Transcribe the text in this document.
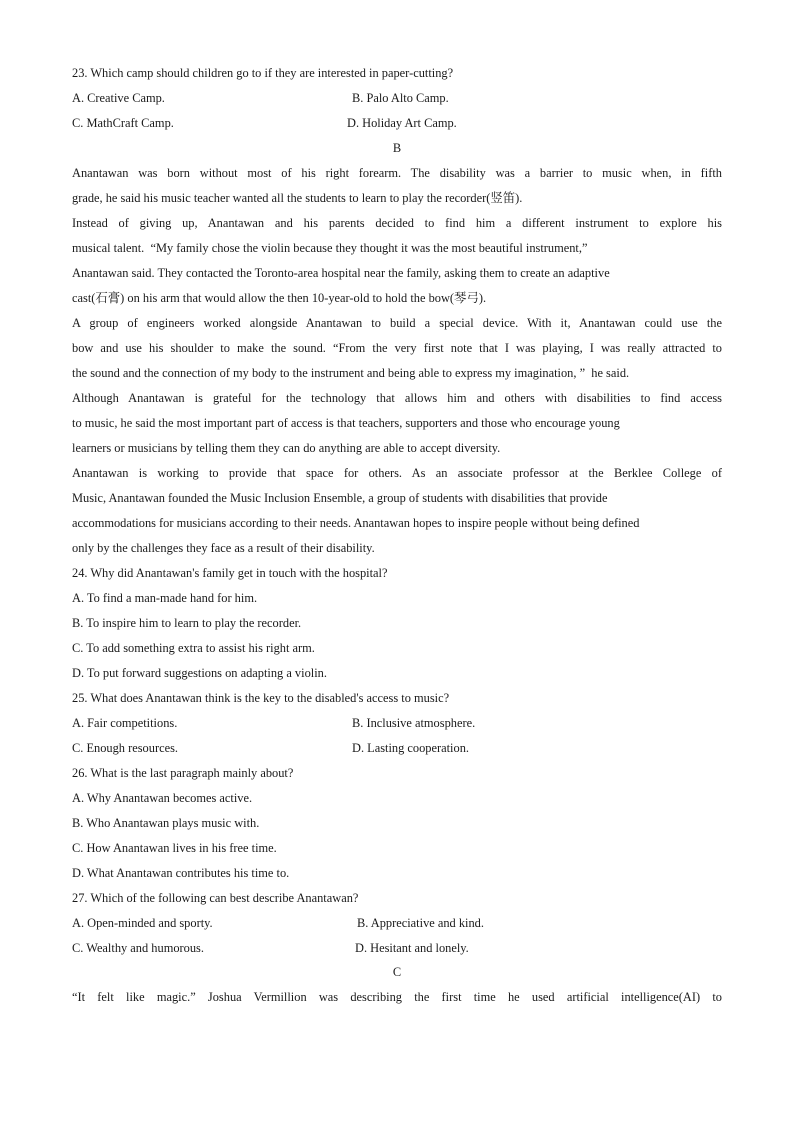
23. Which camp should children go to if they are interested in paper-cutting?
A. Creative Camp.	B. Palo Alto Camp.
C. MathCraft Camp.	D. Holiday Art Camp.
B
Anantawan was born without most of his right forearm. The disability was a barrier to music when, in fifth
grade, he said his music teacher wanted all the students to learn to play the recorder(竖笛).
Instead of giving up, Anantawan and his parents decided to find him a different instrument to explore his
musical talent.  “My family chose the violin because they thought it was the most beautiful instrument,”
Anantawan said. They contacted the Toronto-area hospital near the family, asking them to create an adaptive
cast(石膏) on his arm that would allow the then 10-year-old to hold the bow(琴弓).
A group of engineers worked alongside Anantawan to build a special device. With it, Anantawan could use the
bow and use his shoulder to make the sound. “From the very first note that I was playing, I was really attracted to
the sound and the connection of my body to the instrument and being able to express my imagination, ”  he said.
Although Anantawan is grateful for the technology that allows him and others with disabilities to find access
to music, he said the most important part of access is that teachers, supporters and those who encourage young
learners or musicians by telling them they can do anything are able to accept diversity.
Anantawan is working to provide that space for others. As an associate professor at the Berklee College of
Music, Anantawan founded the Music Inclusion Ensemble, a group of students with disabilities that provide
accommodations for musicians according to their needs. Anantawan hopes to inspire people without being defined
only by the challenges they face as a result of their disability.
24. Why did Anantawan's family get in touch with the hospital?
A. To find a man-made hand for him.
B. To inspire him to learn to play the recorder.
C. To add something extra to assist his right arm.
D. To put forward suggestions on adapting a violin.
25. What does Anantawan think is the key to the disabled's access to music?
A. Fair competitions.	B. Inclusive atmosphere.
C. Enough resources.	D. Lasting cooperation.
26. What is the last paragraph mainly about?
A. Why Anantawan becomes active.
B. Who Anantawan plays music with.
C. How Anantawan lives in his free time.
D. What Anantawan contributes his time to.
27. Which of the following can best describe Anantawan?
A. Open-minded and sporty.	B. Appreciative and kind.
C. Wealthy and humorous.	D. Hesitant and lonely.
C
“It felt like magic.” Joshua Vermillion was describing the first time he used artificial intelligence(AI) to
